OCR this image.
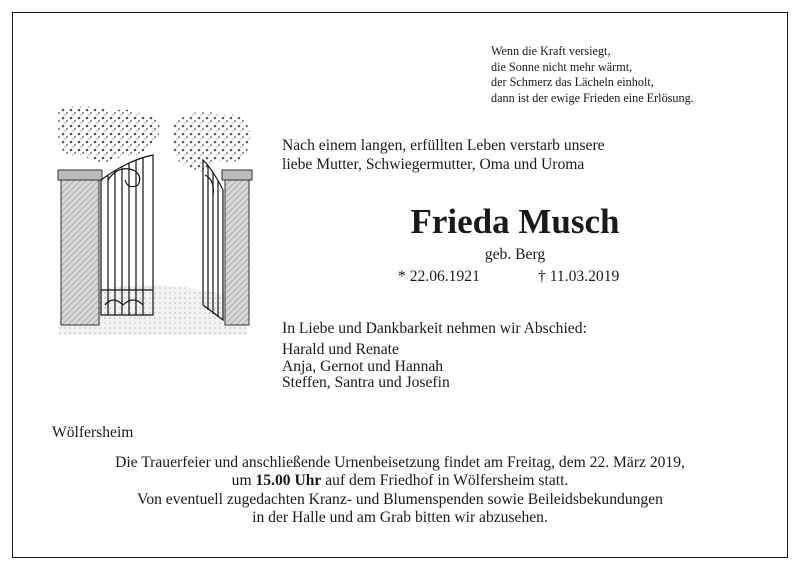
Wenn die Kraft versiegt,
die Sonne nicht mehr wärmt,
der Schmerz das Lächeln einholt,
dann ist der ewige Frieden eine Erlösung.
Nach einem langen, erfüllten Leben verstarb unsere
liebe Mutter, Schwiegermutter, Oma und Uroma
Frieda Musch
geb. Berg
* 22.06.1921	† 11.03.2019
In Liebe und Dankbarkeit nehmen wir Abschied:
Harald und Renate
Anja, Gernot und Hannah
Steffen, Santra und Josefin
Wölfersheim
Die Trauerfeier und anschließende Urnenbeisetzung findet am Freitag, dem 22. März 2019,
um 15.00 Uhr auf dem Friedhof in Wölfersheim statt.
Von eventuell zugedachten Kranz- und Blumenspenden sowie Beileidsbekundungen
in der Halle und am Grab bitten wir abzusehen.
